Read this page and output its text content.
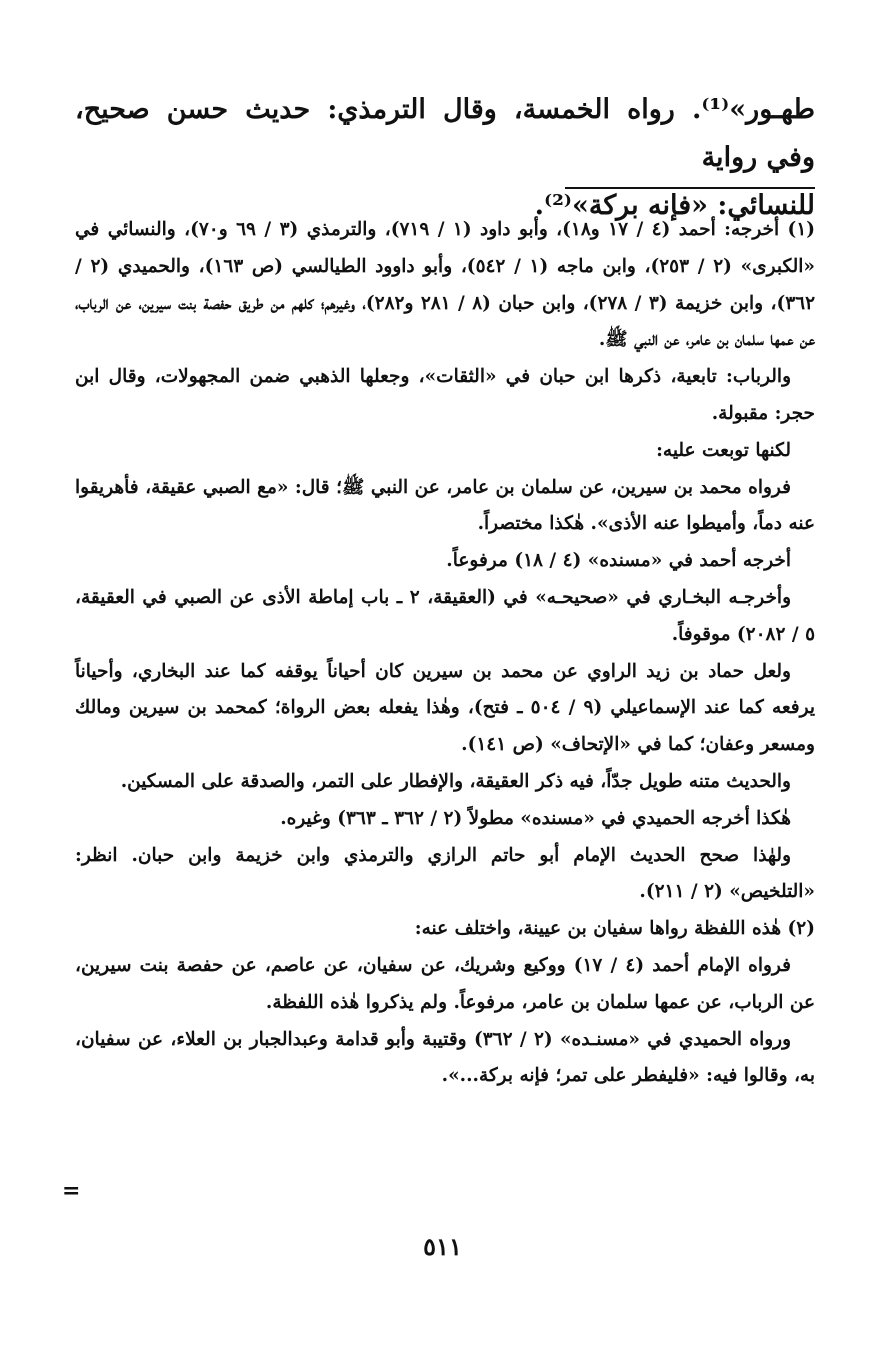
طهـور»⁽¹⁾. رواه الخمسة، وقال الترمذي: حديث حسن صحيح، وفي رواية

للنسائي: «فإنه بركة»⁽²⁾.

(١) أخرجه: أحمد (٤ / ١٧ و١٨)، وأبو داود (١ / ٧١٩)، والترمذي (٣ / ٦٩ و٧٠)، والنسائي في «الكبرى» (٢ / ٢٥٣)، وابن ماجه (١ / ٥٤٢)، وأبو داوود الطيالسي (ص ١٦٣)، والحميدي (٢ / ٣٦٢)، وابن خزيمة (٣ / ٢٧٨)، وابن حبان (٨ / ٢٨١ و٢٨٢)، وغيرهم؛ كلهم من طريق حفصة بنت سيرين، عن الرباب، عن عمها سلمان بن عامر، عن النبي ﷺ.

والرباب: تابعية، ذكرها ابن حبان في «الثقات»، وجعلها الذهبي ضمن المجهولات، وقال ابن حجر: مقبولة.

لكنها توبعت عليه:

فرواه محمد بن سيرين، عن سلمان بن عامر، عن النبي ﷺ؛ قال: «مع الصبي عقيقة، فأهريقوا عنه دماً، وأميطوا عنه الأذى». هٰكذا مختصراً.

أخرجه أحمد في «مسنده» (٤ / ١٨) مرفوعاً.

وأخرجـه البخـاري في «صحيحـه» في (العقيقة، ٢ ـ باب إماطة الأذى عن الصبي في العقيقة، ٥ / ٢٠٨٢) موقوفاً.

ولعل حماد بن زيد الراوي عن محمد بن سيرين كان أحياناً يوقفه كما عند البخاري، وأحياناً يرفعه كما عند الإسماعيلي (٩ / ٥٠٤ ـ فتح)، وهٰذا يفعله بعض الرواة؛ كمحمد بن سيرين ومالك ومسعر وعفان؛ كما في «الإتحاف» (ص ١٤١).

والحديث متنه طويل جدّاً، فيه ذكر العقيقة، والإفطار على التمر، والصدقة على المسكين.

هٰكذا أخرجه الحميدي في «مسنده» مطولاً (٢ / ٣٦٢ ـ ٣٦٣) وغيره.

ولهٰذا صحح الحديث الإمام أبو حاتم الرازي والترمذي وابن خزيمة وابن حبان. انظر: «التلخيص» (٢ / ٢١١).

(٢) هٰذه اللفظة رواها سفيان بن عيينة، واختلف عنه:

فرواه الإمام أحمد (٤ / ١٧) ووكيع وشريك، عن سفيان، عن عاصم، عن حفصة بنت سيرين، عن الرباب، عن عمها سلمان بن عامر، مرفوعاً. ولم يذكروا هٰذه اللفظة.

ورواه الحميدي في «مسنـده» (٢ / ٣٦٢) وقتيبة وأبو قدامة وعبدالجبار بن العلاء، عن سفيان، به، وقالوا فيه: «فليفطر على تمر؛ فإنه بركة...».

=
٥١١
